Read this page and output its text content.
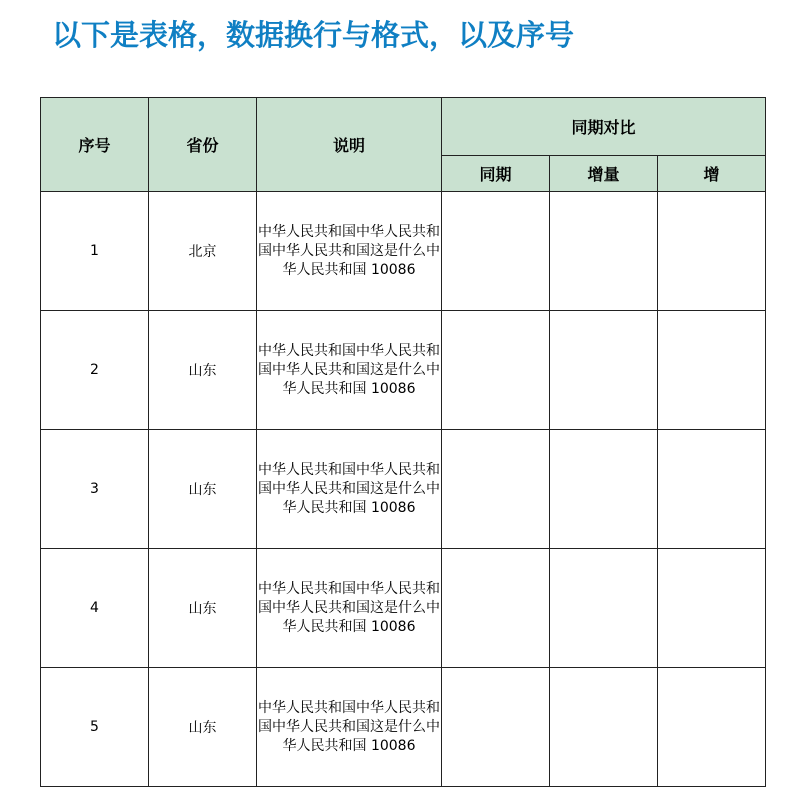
以下是表格，数据换行与格式，以及序号
序号	省份	说明	同期对比		
			同期	增量	增
1	北京	中华人民共和国中华人民共和国中华人民共和国这是什么中华人民共和国 10086			
2	山东	中华人民共和国中华人民共和国中华人民共和国这是什么中华人民共和国 10086			
3	山东	中华人民共和国中华人民共和国中华人民共和国这是什么中华人民共和国 10086			
4	山东	中华人民共和国中华人民共和国中华人民共和国这是什么中华人民共和国 10086			
5	山东	中华人民共和国中华人民共和国中华人民共和国这是什么中华人民共和国 10086			
